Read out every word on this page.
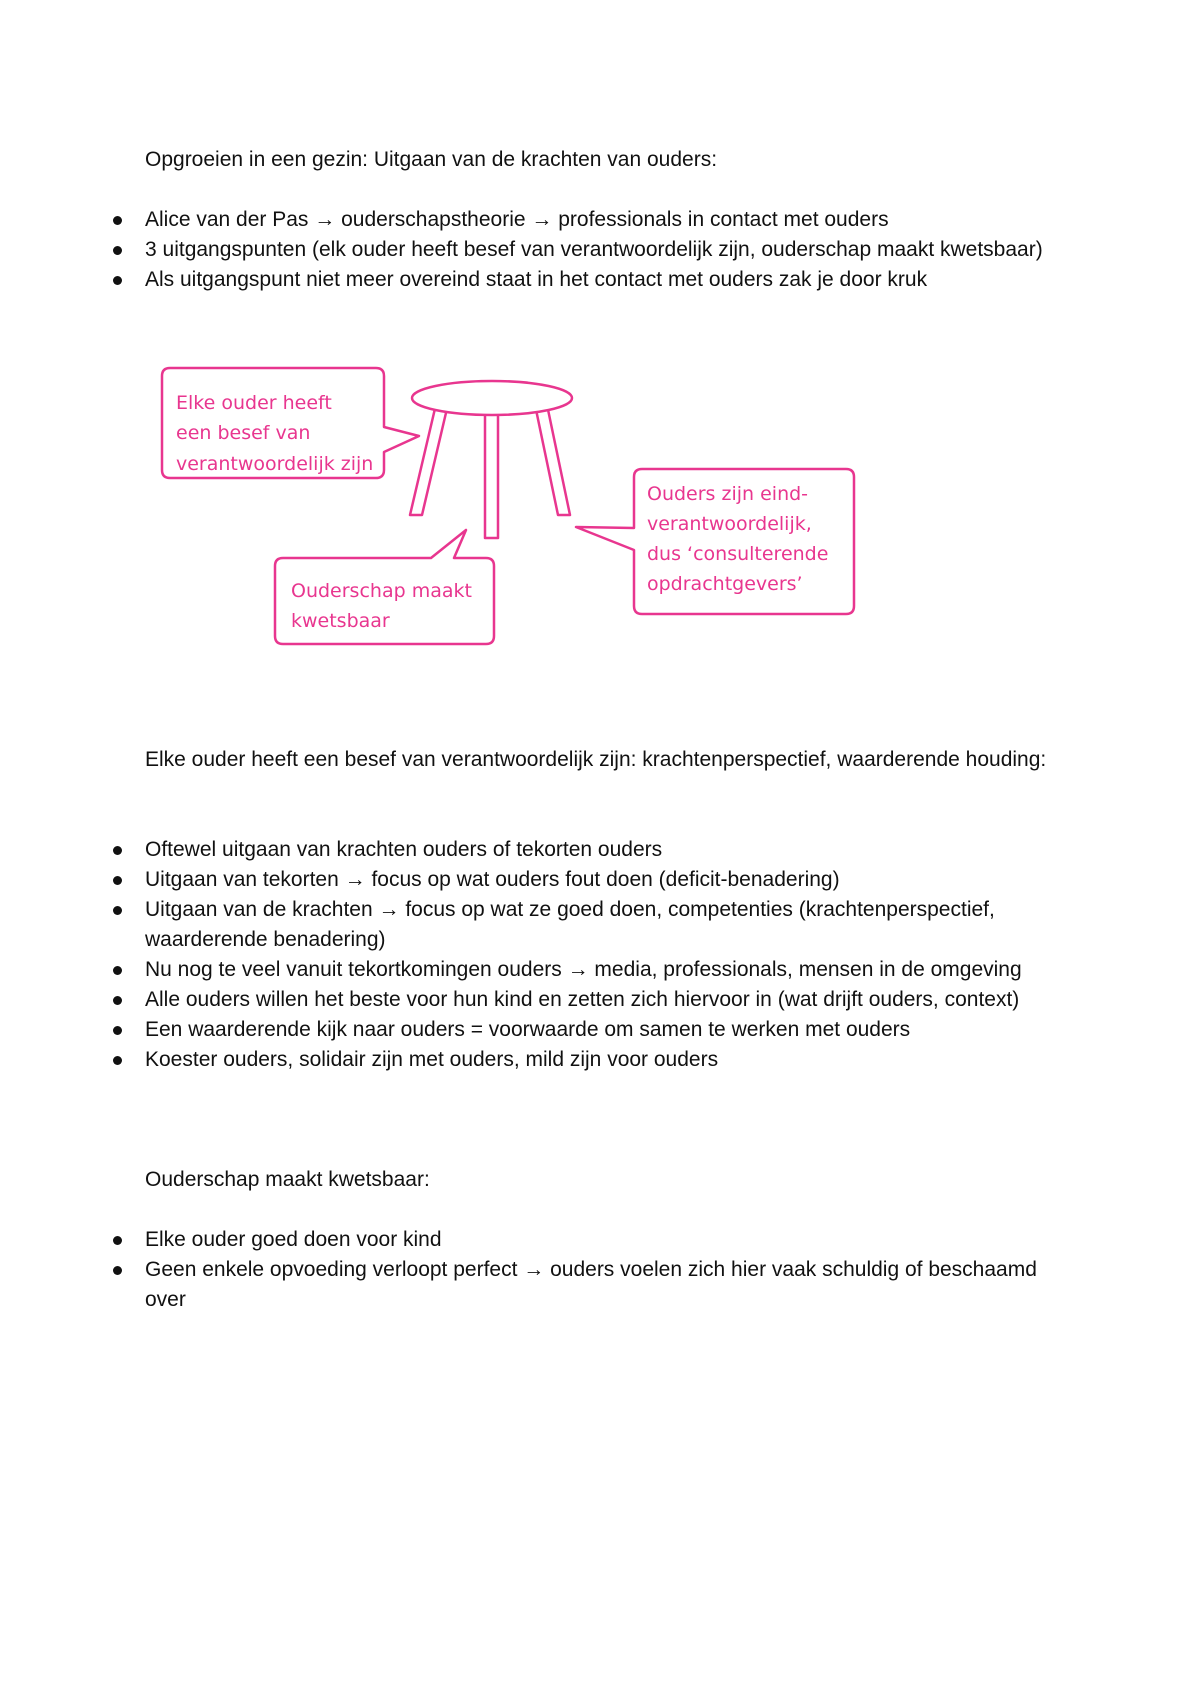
Opgroeien in een gezin: Uitgaan van de krachten van ouders:

Alice van der Pas → ouderschapstheorie → professionals in contact met ouders
3 uitgangspunten (elk ouder heeft besef van verantwoordelijk zijn, ouderschap maakt kwetsbaar)
Als uitgangspunt niet meer overeind staat in het contact met ouders zak je door kruk
Elke ouder heeft
een besef van
verantwoordelijk zijn
Ouderschap maakt
kwetsbaar
Ouders zijn eind-
verantwoordelijk,
dus ‘consulterende
opdrachtgevers’

Elke ouder heeft een besef van verantwoordelijk zijn: krachtenperspectief, waarderende houding:

Oftewel uitgaan van krachten ouders of tekorten ouders
Uitgaan van tekorten → focus op wat ouders fout doen (deficit-benadering)
Uitgaan van de krachten → focus op wat ze goed doen, competenties (krachtenperspectief, waarderende benadering)
Nu nog te veel vanuit tekortkomingen ouders → media, professionals, mensen in de omgeving
Alle ouders willen het beste voor hun kind en zetten zich hiervoor in (wat drijft ouders, context)
Een waarderende kijk naar ouders = voorwaarde om samen te werken met ouders
Koester ouders, solidair zijn met ouders, mild zijn voor ouders

Ouderschap maakt kwetsbaar:

Elke ouder goed doen voor kind
Geen enkele opvoeding verloopt perfect → ouders voelen zich hier vaak schuldig of beschaamd over
